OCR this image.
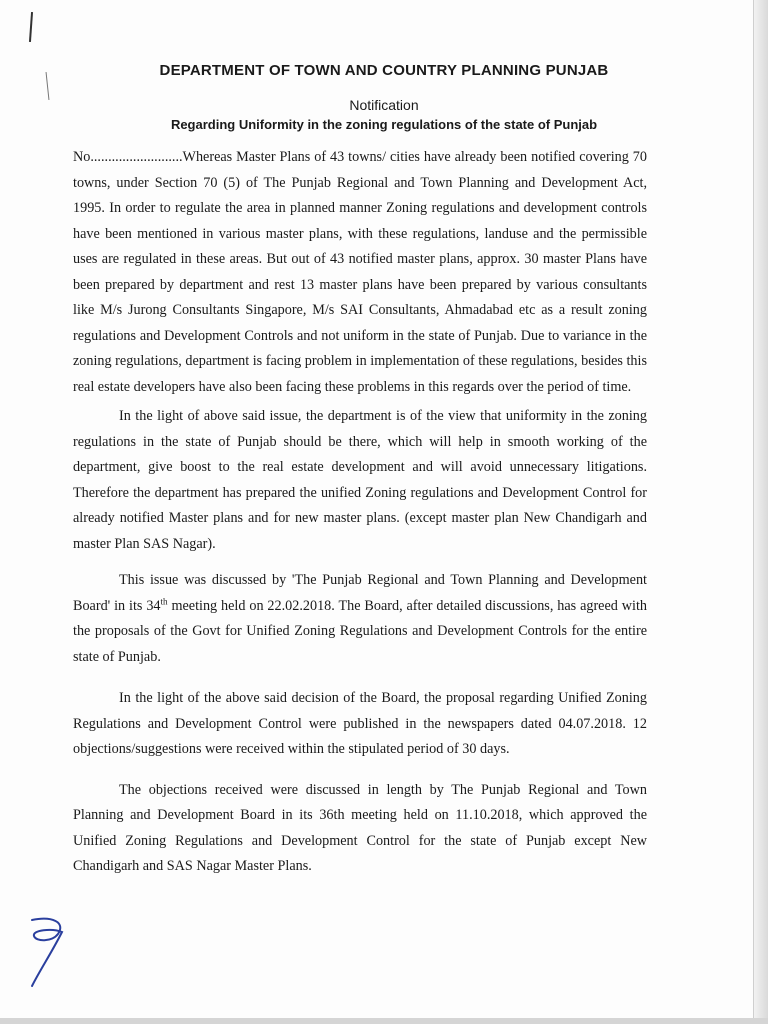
DEPARTMENT OF TOWN AND COUNTRY PLANNING PUNJAB
Notification
Regarding Uniformity in the zoning regulations of the state of Punjab

No..........................Whereas Master Plans of 43 towns/ cities have already been notified covering 70 towns, under Section 70 (5) of The Punjab Regional and Town Planning and Development Act, 1995. In order to regulate the area in planned manner Zoning regulations and development controls have been mentioned in various master plans, with these regulations, landuse and the permissible uses are regulated in these areas. But out of 43 notified master plans, approx. 30 master Plans have been prepared by department and rest 13 master plans have been prepared by various consultants like M/s Jurong Consultants Singapore, M/s SAI Consultants, Ahmadabad etc as a result zoning regulations and Development Controls and not uniform in the state of Punjab. Due to variance in the zoning regulations, department is facing problem in implementation of these regulations, besides this real estate developers have also been facing these problems in this regards over the period of time.

In the light of above said issue, the department is of the view that uniformity in the zoning regulations in the state of Punjab should be there, which will help in smooth working of the department, give boost to the real estate development and will avoid unnecessary litigations. Therefore the department has prepared the unified Zoning regulations and Development Control for already notified Master plans and for new master plans. (except master plan New Chandigarh and master Plan SAS Nagar).

This issue was discussed by 'The Punjab Regional and Town Planning and Development Board' in its 34th meeting held on 22.02.2018. The Board, after detailed discussions, has agreed with the proposals of the Govt for Unified Zoning Regulations and Development Controls for the entire state of Punjab.

In the light of the above said decision of the Board, the proposal regarding Unified Zoning Regulations and Development Control were published in the newspapers dated 04.07.2018. 12 objections/suggestions were received within the stipulated period of 30 days.

The objections received were discussed in length by The Punjab Regional and Town Planning and Development Board in its 36th meeting held on 11.10.2018, which approved the Unified Zoning Regulations and Development Control for the state of Punjab except New Chandigarh and SAS Nagar Master Plans.
